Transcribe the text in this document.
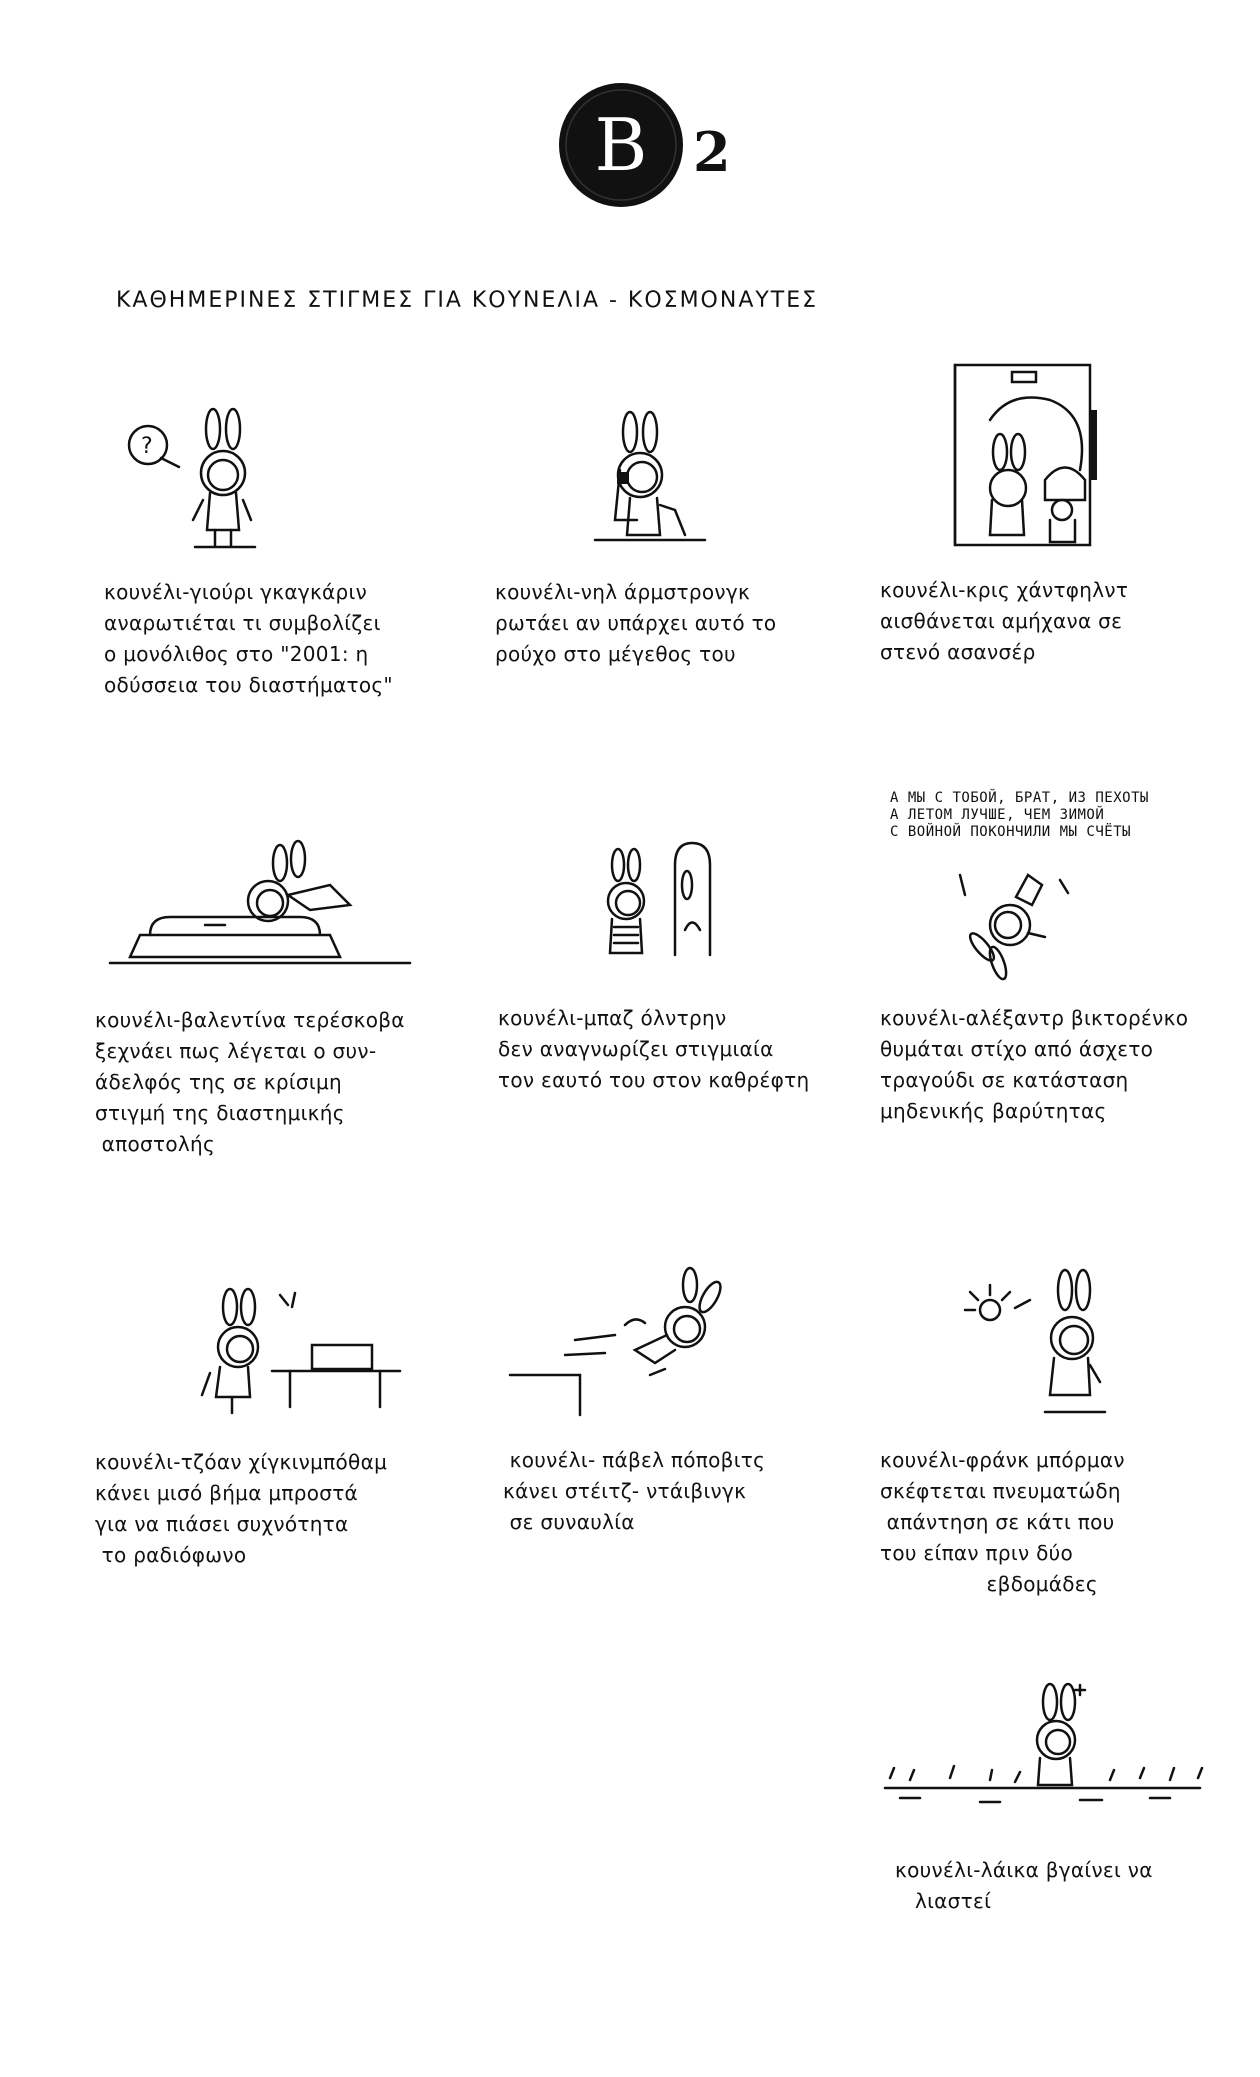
B 2
ΚΑΘΗΜΕΡΙΝΕΣ ΣΤΙΓΜΕΣ ΓΙΑ ΚΟΥΝΕΛΙΑ - ΚΟΣΜΟΝΑΥΤΕΣ
?
κουνέλι-γιούρι γκαγκάριν
αναρωτιέται τι συμβολίζει
ο μονόλιθος στο "2001: η
οδύσσεια του διαστήματος"
κουνέλι-νηλ άρμστρονγκ
ρωτάει αν υπάρχει αυτό το
ρούχο στο μέγεθος του
κουνέλι-κρις χάντφηλντ
αισθάνεται αμήχανα σε
στενό ασανσέρ
κουνέλι-βαλεντίνα τερέσκοβα
ξεχνάει πως λέγεται ο συν-
άδελφός της σε κρίσιμη
στιγμή της διαστημικής
αποστολής
κουνέλι-μπαζ όλντρην
δεν αναγνωρίζει στιγμιαία
τον εαυτό του στον καθρέφτη
А МЫ С ТОБОЙ, БРАТ, ИЗ ПЕХОТЫ
А ЛЕТОМ ЛУЧШЕ, ЧЕМ ЗИМОЙ
С ВОЙНОЙ ПОКОНЧИЛИ МЫ СЧЁТЫ
κουνέλι-αλέξαντρ βικτορένκο
θυμάται στίχο από άσχετο
τραγούδι σε κατάσταση
μηδενικής βαρύτητας
κουνέλι-τζόαν χίγκινμπόθαμ
κάνει μισό βήμα μπροστά
για να πιάσει συχνότητα
το ραδιόφωνο
κουνέλι- πάβελ πόποβιτς
κάνει στέιτζ- ντάιβινγκ
σε συναυλία
κουνέλι-φράνκ μπόρμαν
σκέφτεται πνευματώδη
απάντηση σε κάτι που
του είπαν πριν δύο
εβδομάδες
κουνέλι-λάικα βγαίνει να
λιαστεί
